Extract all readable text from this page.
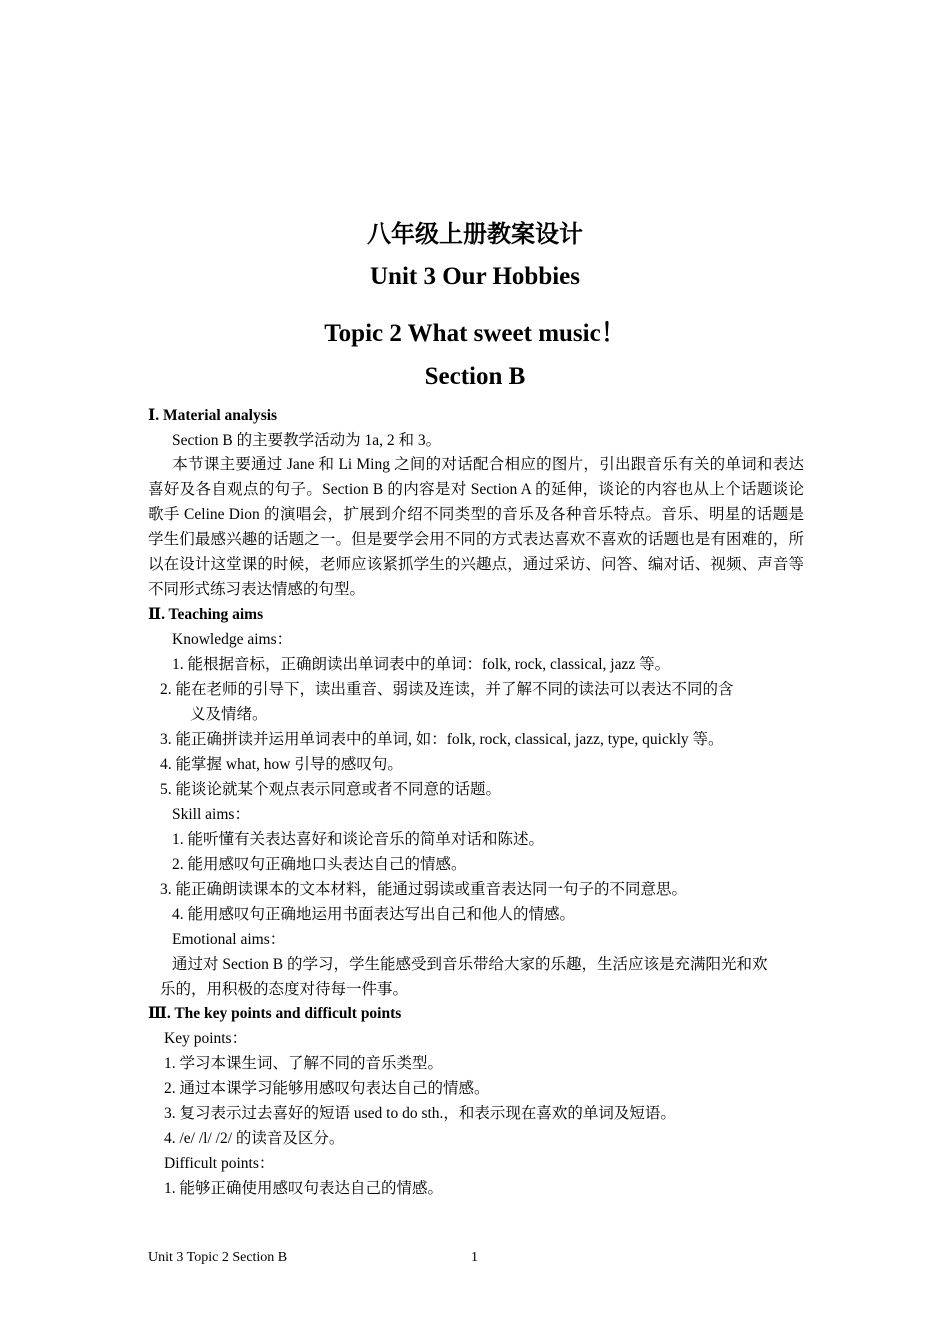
八年级上册教案设计
Unit 3 Our Hobbies
Topic 2 What sweet music！
Section B
Ⅰ. Material analysis
Section B 的主要教学活动为 1a, 2 和 3。
本节课主要通过 Jane 和 Li Ming 之间的对话配合相应的图片，引出跟音乐有关的单词和表达喜好及各自观点的句子。Section B 的内容是对 Section A 的延伸，谈论的内容也从上个话题谈论歌手 Celine Dion 的演唱会，扩展到介绍不同类型的音乐及各种音乐特点。音乐、明星的话题是学生们最感兴趣的话题之一。但是要学会用不同的方式表达喜欢不喜欢的话题也是有困难的，所以在设计这堂课的时候，老师应该紧抓学生的兴趣点，通过采访、问答、编对话、视频、声音等不同形式练习表达情感的句型。
Ⅱ. Teaching aims
Knowledge aims：
1. 能根据音标，正确朗读出单词表中的单词：folk, rock, classical, jazz 等。
2. 能在老师的引导下，读出重音、弱读及连读，并了解不同的读法可以表达不同的含
义及情绪。
3. 能正确拼读并运用单词表中的单词, 如：folk, rock, classical, jazz, type, quickly 等。
4. 能掌握 what, how 引导的感叹句。
5. 能谈论就某个观点表示同意或者不同意的话题。
Skill aims：
1. 能听懂有关表达喜好和谈论音乐的简单对话和陈述。
2. 能用感叹句正确地口头表达自己的情感。
3. 能正确朗读课本的文本材料，能通过弱读或重音表达同一句子的不同意思。
4. 能用感叹句正确地运用书面表达写出自己和他人的情感。
Emotional aims：
通过对 Section B 的学习，学生能感受到音乐带给大家的乐趣，生活应该是充满阳光和欢
乐的，用积极的态度对待每一件事。
Ⅲ. The key points and difficult points
Key points：
1. 学习本课生词、了解不同的音乐类型。
2. 通过本课学习能够用感叹句表达自己的情感。
3. 复习表示过去喜好的短语 used to do sth.，和表示现在喜欢的单词及短语。
4. /e/ /l/ /2/ 的读音及区分。
Difficult points：
1. 能够正确使用感叹句表达自己的情感。
Unit 3 Topic 2 Section B	1
